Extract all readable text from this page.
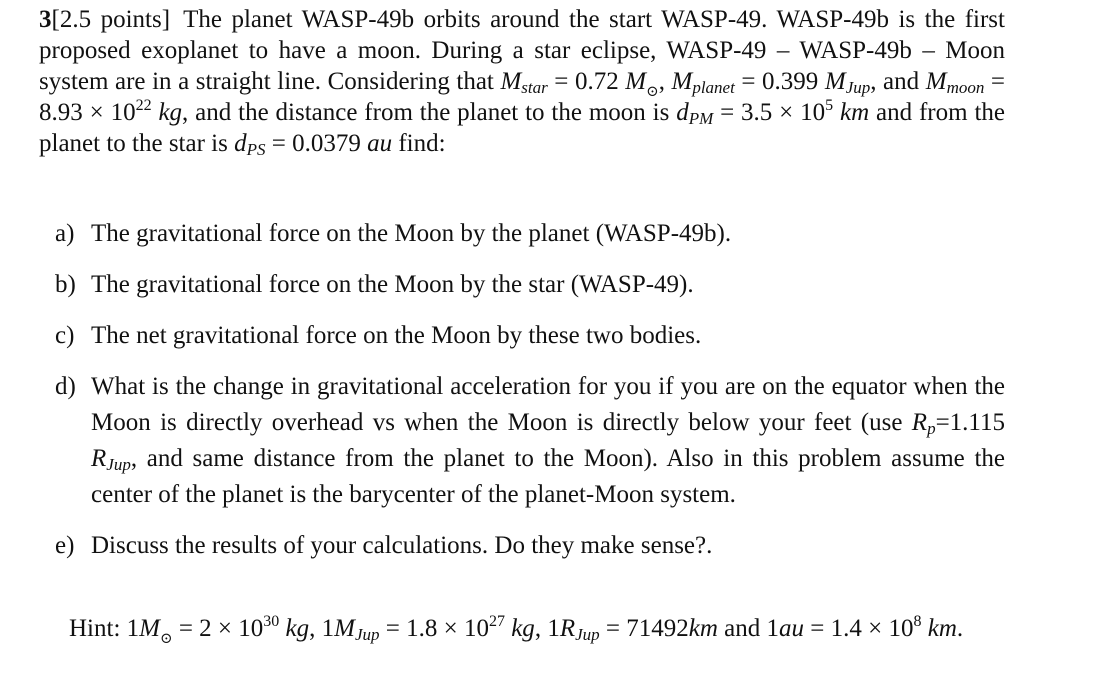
3[2.5 points] The planet WASP-49b orbits around the start WASP-49. WASP-49b is the first proposed exoplanet to have a moon. During a star eclipse, WASP-49 – WASP-49b – Moon system are in a straight line. Considering that $M_{star} = 0.72$ $M_⊙$, $M_{planet} = 0.399$ $M_{Jup}$, and $M_{moon} = 8.93 \times 10^{22}$ kg, and the distance from the planet to the moon is $d_{PM} = 3.5 \times 10^5$ km and from the planet to the star is $d_{PS} = 0.0379$ au find:
a) The gravitational force on the Moon by the planet (WASP-49b).
b) The gravitational force on the Moon by the star (WASP-49).
c) The net gravitational force on the Moon by these two bodies.
d) What is the change in gravitational acceleration for you if you are on the equator when the Moon is directly overhead vs when the Moon is directly below your feet (use $R_p=1.115$ $R_{Jup}$, and same distance from the planet to the Moon). Also in this problem assume the center of the planet is the barycenter of the planet-Moon system.
e) Discuss the results of your calculations. Do they make sense?.
Hint: $1M_⊙ = 2 \times 10^{30}$ kg, $1M_{Jup} = 1.8 \times 10^{27}$ kg, $1R_{Jup} = 71492km$ and $1au = 1.4 \times 10^8$ km.
